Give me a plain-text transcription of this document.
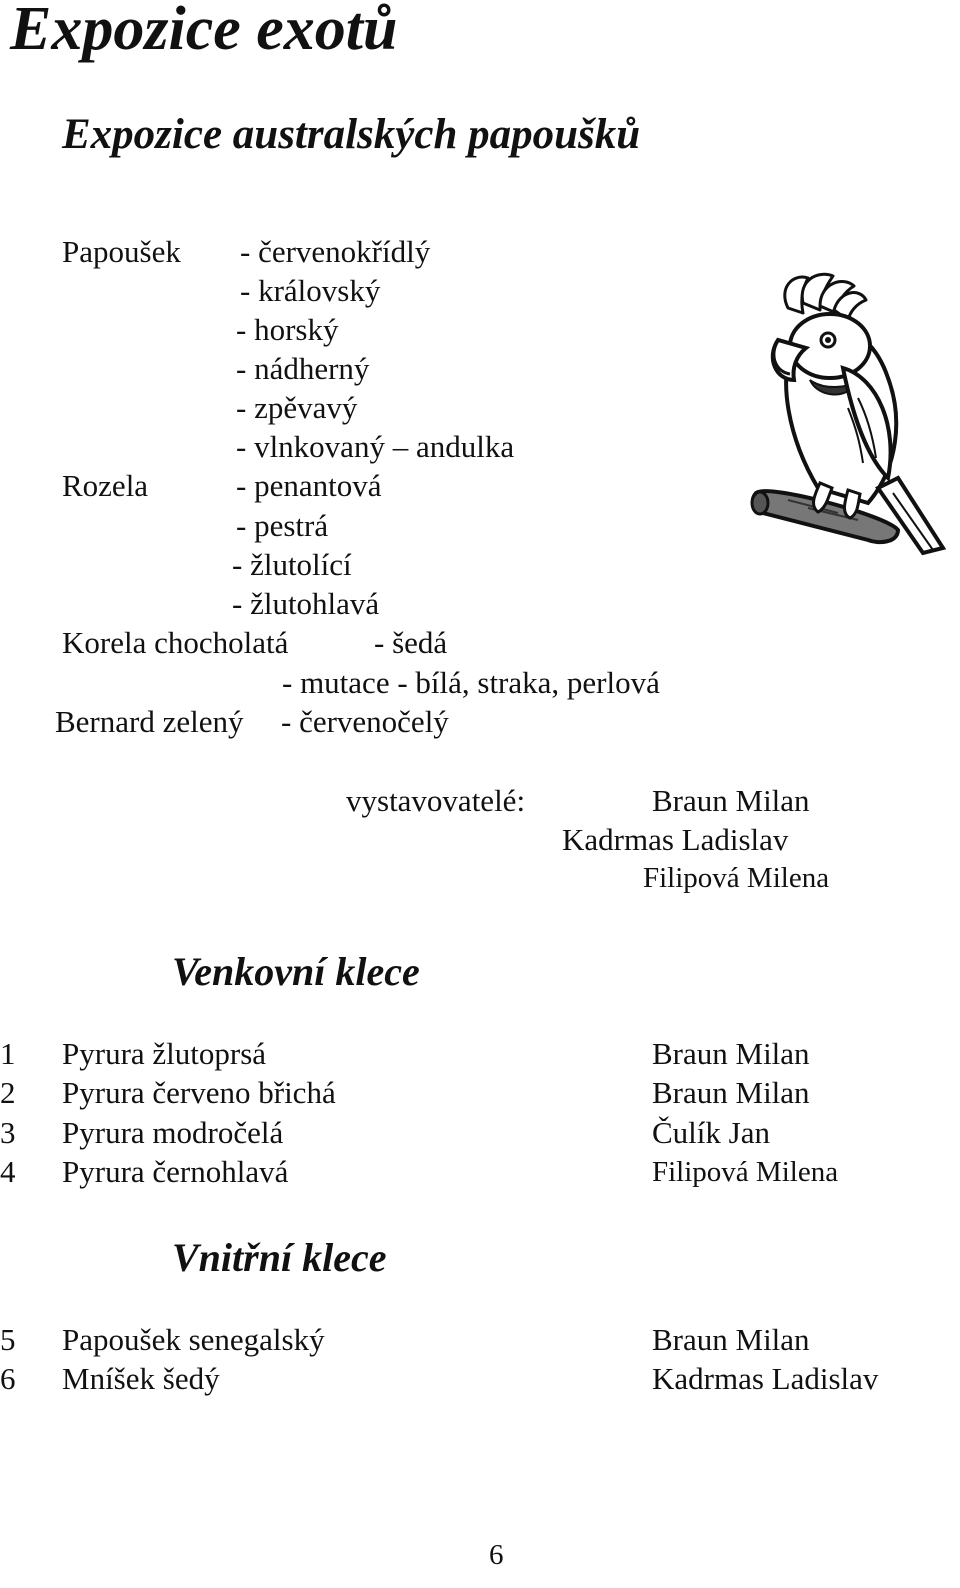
Expozice exotů
Expozice australských papoušků
Papoušek - červenokřídlý
- královský
- horský
- nádherný
- zpěvavý
- vlnkovaný – andulka
Rozela	- penantová
- pestrá
- žlutolící
- žlutohlavá
Korela chocholatá	- šedá
- mutace - bílá, straka, perlová
Bernard zelený - červenočelý
vystavovatelé:	Braun Milan
Kadrmas Ladislav
Filipová Milena
Venkovní klece
1 Pyrura žlutoprsá	Braun Milan
2 Pyrura červeno břichá	Braun Milan
3 Pyrura modročelá	Čulík Jan
4 Pyrura černohlavá	Filipová Milena
Vnitřní klece
5 Papoušek senegalský	Braun Milan
6 Mníšek šedý	Kadrmas Ladislav
6
